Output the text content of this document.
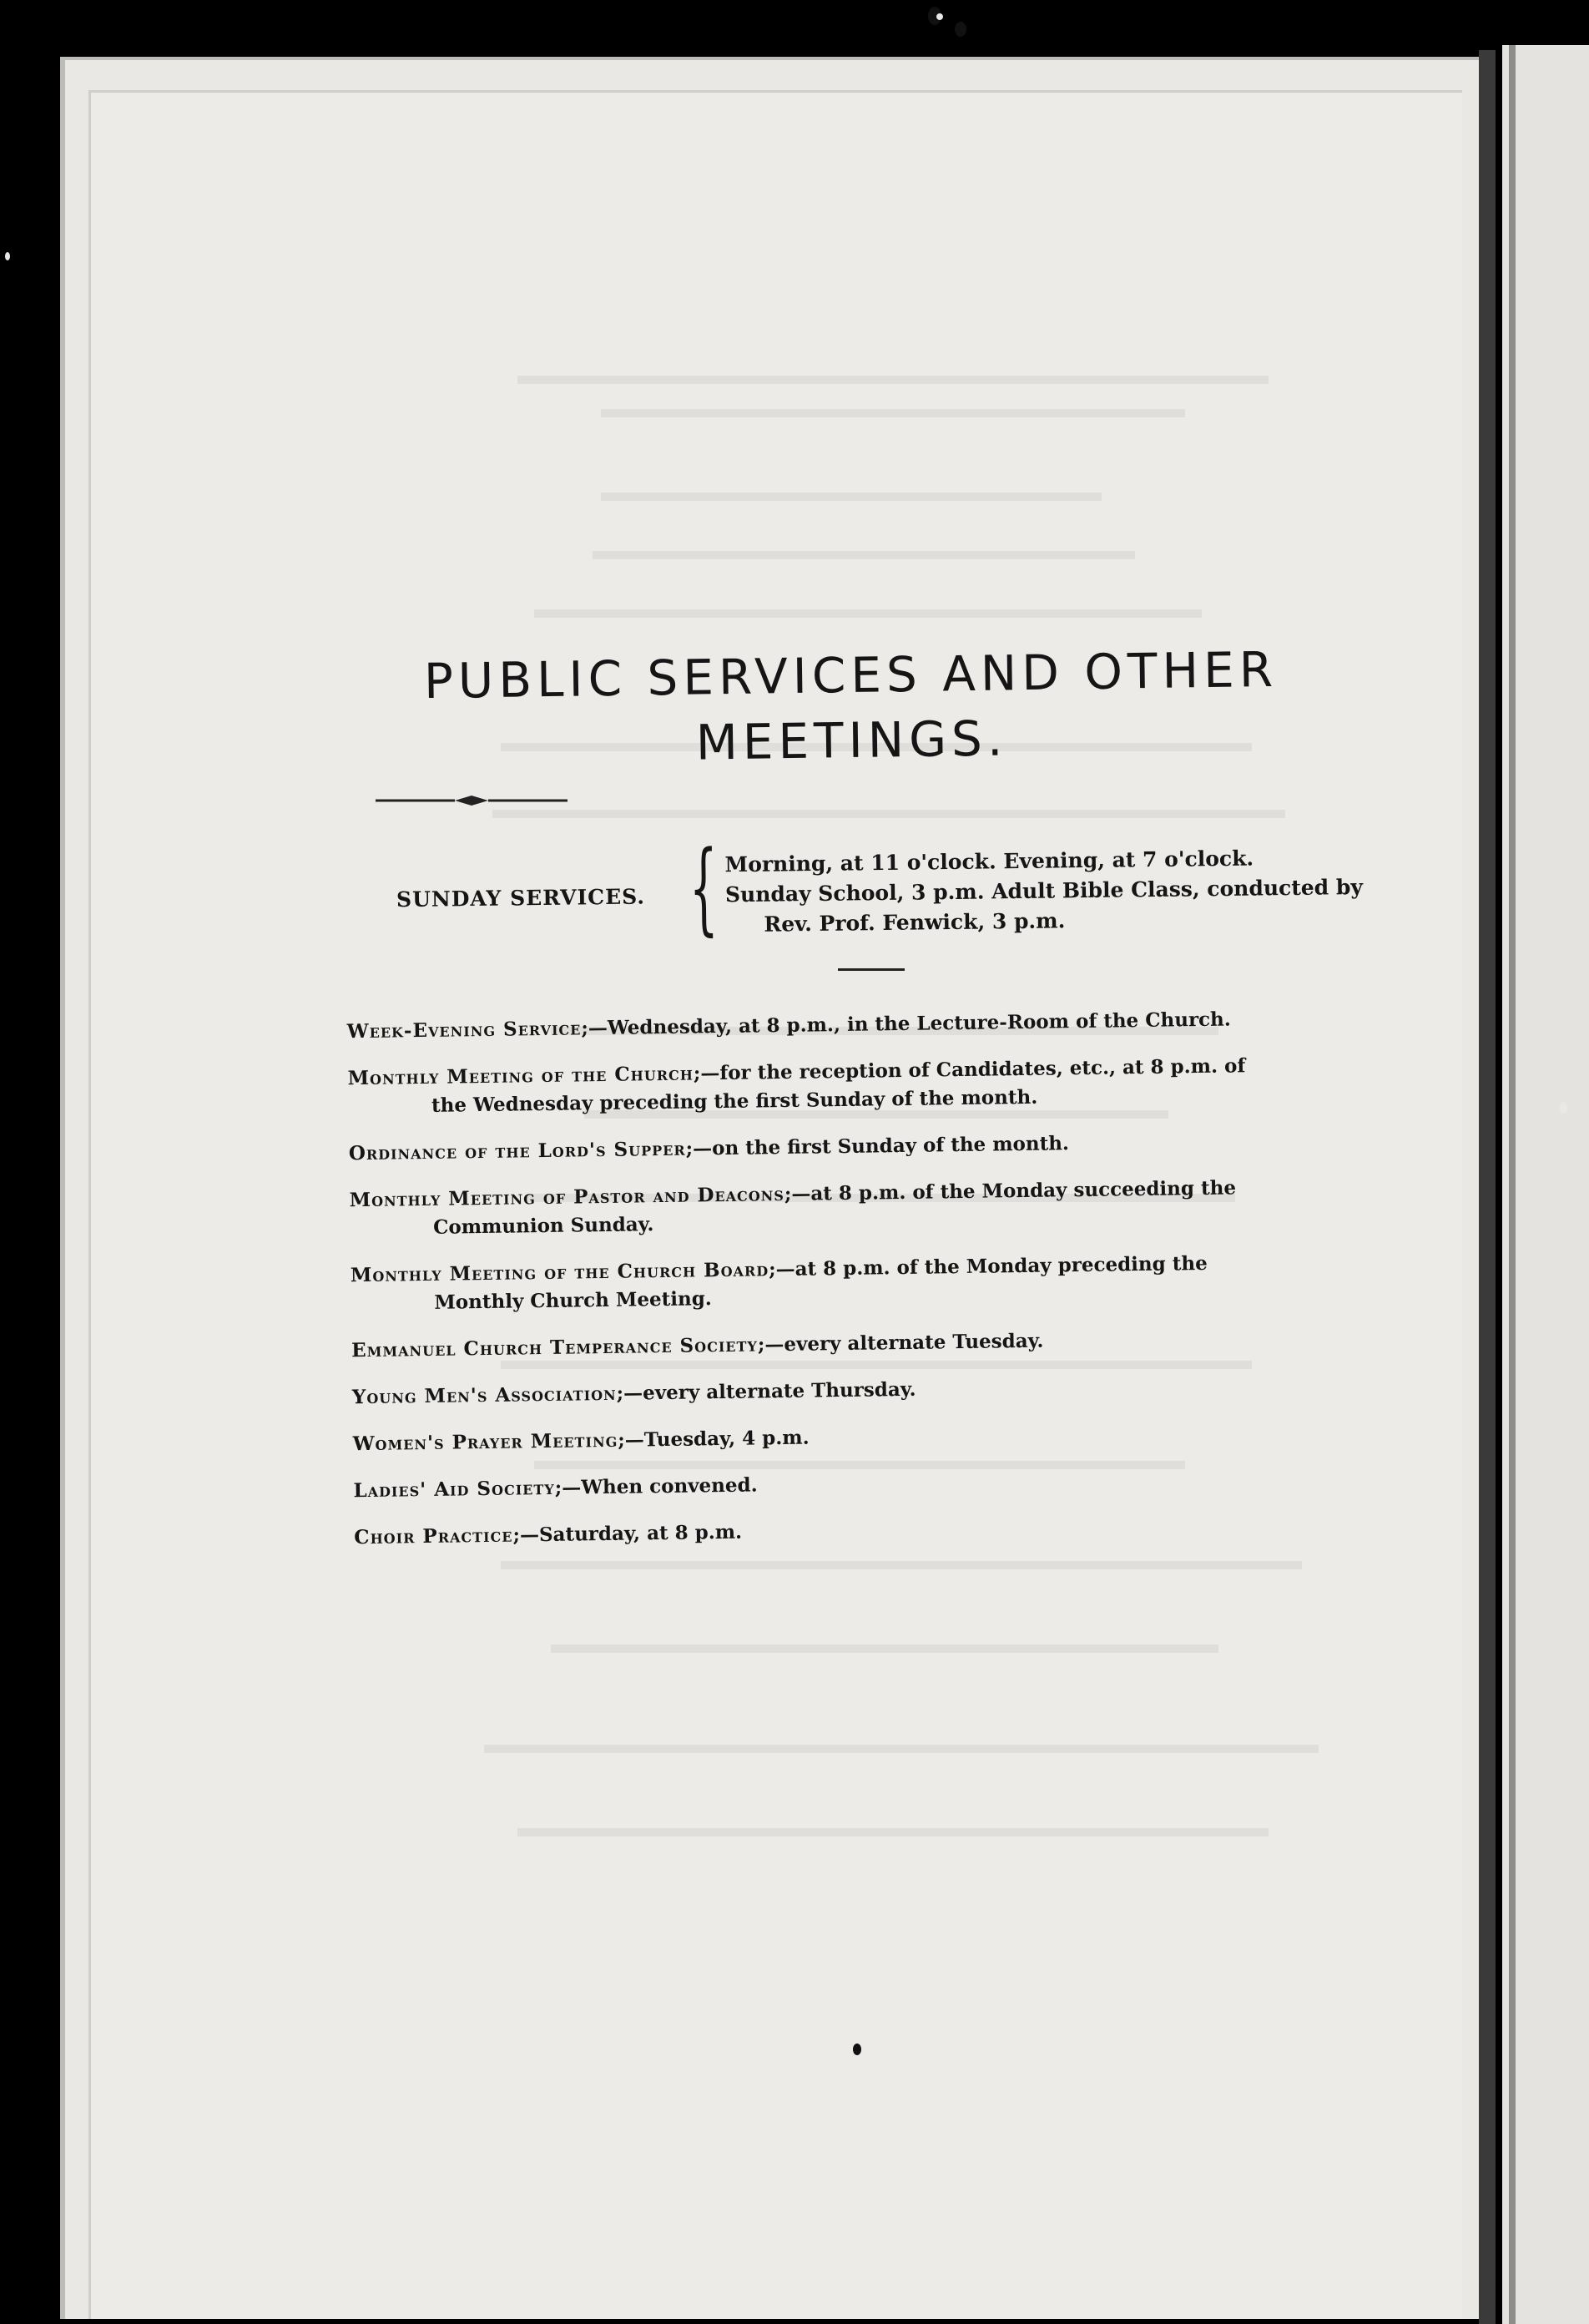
PUBLIC SERVICES AND OTHER
MEETINGS.
SUNDAY SERVICES. { Morning, at 11 o'clock. Evening, at 7 o'clock.
Sunday School, 3 p.m. Adult Bible Class, conducted by
Rev. Prof. Fenwick, 3 p.m.

Week-Evening Service;—Wednesday, at 8 p.m., in the Lecture-Room of the Church.

Monthly Meeting of the Church;—for the reception of Candidates, etc., at 8 p.m. of
the Wednesday preceding the first Sunday of the month.

Ordinance of the Lord's Supper;—on the first Sunday of the month.

Monthly Meeting of Pastor and Deacons;—at 8 p.m. of the Monday succeeding the
Communion Sunday.

Monthly Meeting of the Church Board;—at 8 p.m. of the Monday preceding the
Monthly Church Meeting.

Emmanuel Church Temperance Society;—every alternate Tuesday.

Young Men's Association;—every alternate Thursday.

Women's Prayer Meeting;—Tuesday, 4 p.m.

Ladies' Aid Society;—When convened.

Choir Practice;—Saturday, at 8 p.m.
